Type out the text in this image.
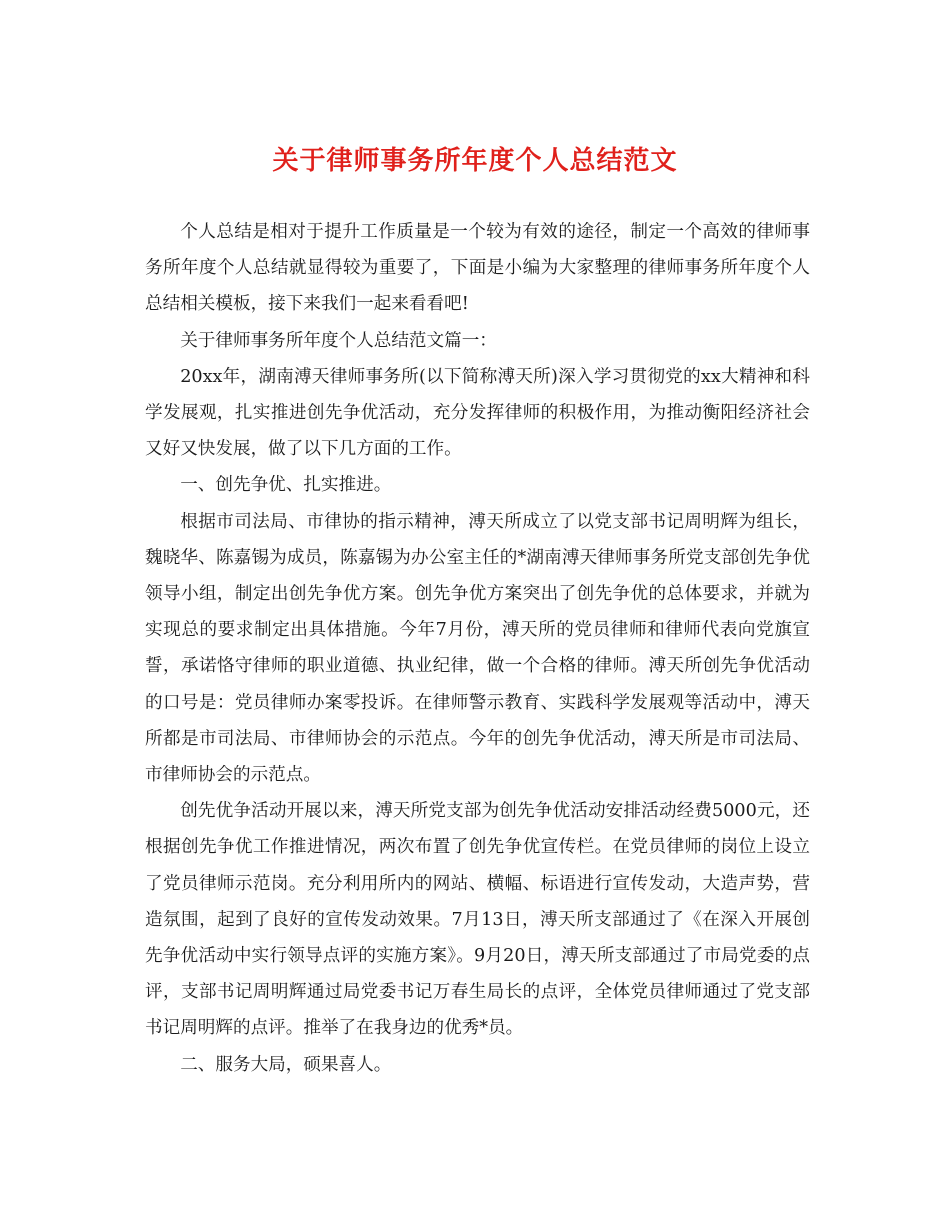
关于律师事务所年度个人总结范文

个人总结是相对于提升工作质量是一个较为有效的途径，制定一个高效的律师事务所年度个人总结就显得较为重要了，下面是小编为大家整理的律师事务所年度个人总结相关模板，接下来我们一起来看看吧!

关于律师事务所年度个人总结范文篇一：

20xx年，湖南溥天律师事务所(以下简称溥天所)深入学习贯彻党的xx大精神和科学发展观，扎实推进创先争优活动，充分发挥律师的积极作用，为推动衡阳经济社会又好又快发展，做了以下几方面的工作。

一、创先争优、扎实推进。

根据市司法局、市律协的指示精神，溥天所成立了以党支部书记周明辉为组长，魏晓华、陈嘉锡为成员，陈嘉锡为办公室主任的*湖南溥天律师事务所党支部创先争优领导小组，制定出创先争优方案。创先争优方案突出了创先争优的总体要求，并就为实现总的要求制定出具体措施。今年7月份，溥天所的党员律师和律师代表向党旗宣誓，承诺恪守律师的职业道德、执业纪律，做一个合格的律师。溥天所创先争优活动的口号是：党员律师办案零投诉。在律师警示教育、实践科学发展观等活动中，溥天所都是市司法局、市律师协会的示范点。今年的创先争优活动，溥天所是市司法局、市律师协会的示范点。

创先优争活动开展以来，溥天所党支部为创先争优活动安排活动经费5000元，还根据创先争优工作推进情况，两次布置了创先争优宣传栏。在党员律师的岗位上设立了党员律师示范岗。充分利用所内的网站、横幅、标语进行宣传发动，大造声势，营造氛围，起到了良好的宣传发动效果。7月13日，溥天所支部通过了《在深入开展创先争优活动中实行领导点评的实施方案》。9月20日，溥天所支部通过了市局党委的点评，支部书记周明辉通过局党委书记万春生局长的点评，全体党员律师通过了党支部书记周明辉的点评。推举了在我身边的优秀*员。

二、服务大局，硕果喜人。
